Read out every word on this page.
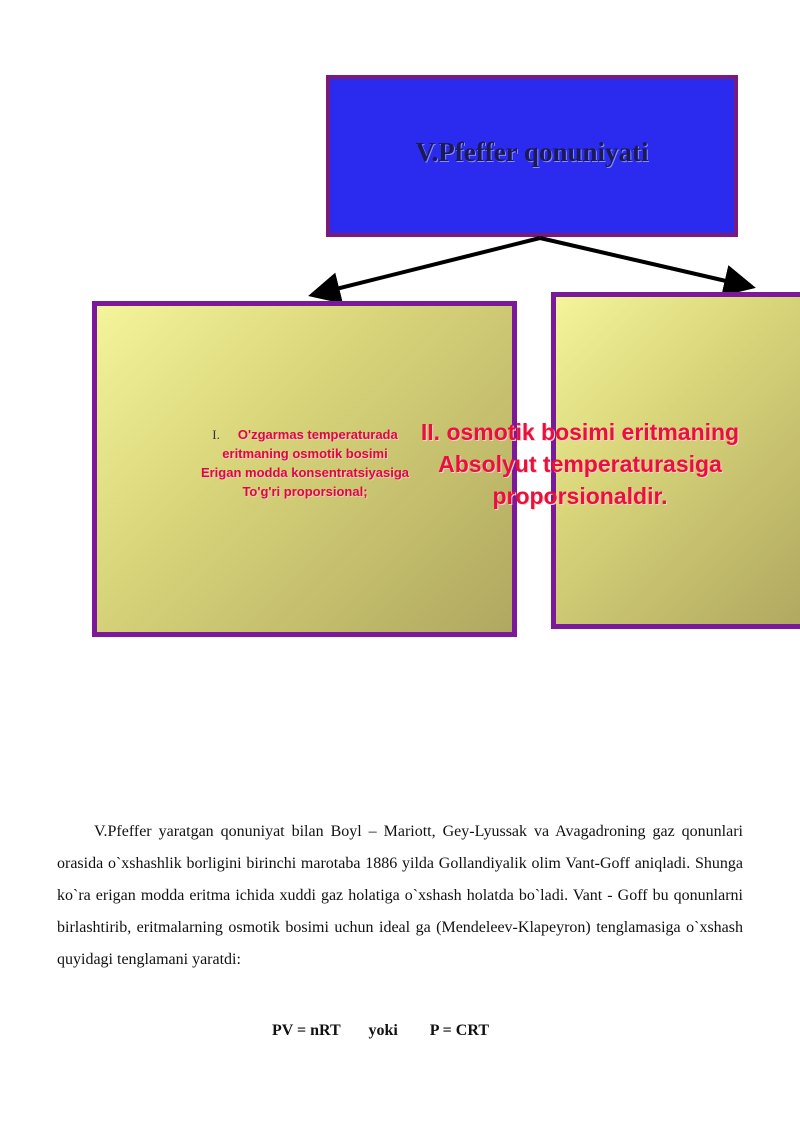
V.Pfeffer qonuniyati
I. O'zgarmas temperaturada
eritmaning osmotik bosimi
Erigan modda konsentratsiyasiga
To'g'ri proporsional;
II. osmotik bosimi eritmaning
Absolyut temperaturasiga
proporsionaldir.

V.Pfeffer yaratgan qonuniyat bilan Boyl – Mariott, Gey-Lyussak va Avagadroning gaz qonunlari orasida o`xshashlik borligini birinchi marotaba 1886 yilda Gollandiyalik olim Vant-Goff aniqladi. Shunga ko`ra erigan modda eritma ichida xuddi gaz holatiga o`xshash holatda bo`ladi. Vant - Goff bu qonunlarni birlashtirib, eritmalarning osmotik bosimi uchun ideal ga (Mendeleev-Klapeyron) tenglamasiga o`xshash quyidagi tenglamani yaratdi:

PV = nRT yoki P = CRT
